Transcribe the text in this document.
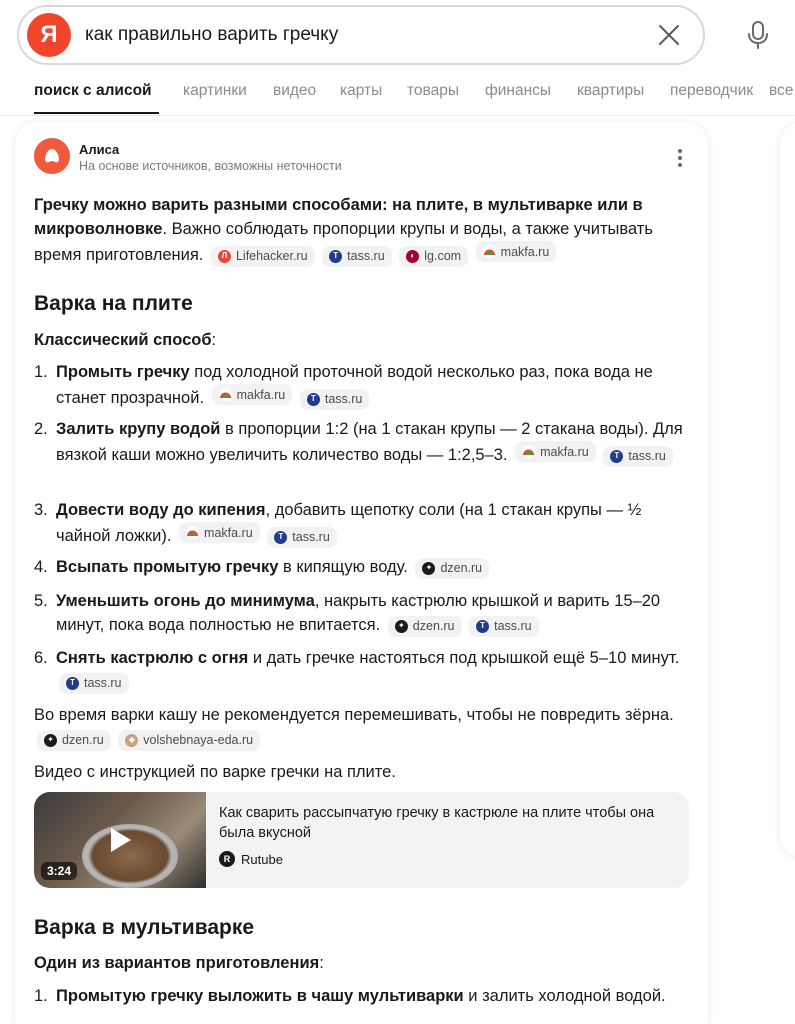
Я
как правильно варить гречку
поиск с алисой картинки видео карты товары финансы квартиры переводчик все
Алиса
На основе источников, возможны неточности
Гречку можно варить разными способами: на плите, в мультиварке или в микроволновке. Важно соблюдать пропорции крупы и воды, а также учитывать время приготовления.	Л Lifehacker.ru
	T tass.ru
	◐ lg.com
	makfa.ru
Варка на плите
Классический способ:
1. Промыть гречку под холодной проточной водой несколько раз, пока вода не станет прозрачной.	makfa.ru
	T tass.ru
2. Залить крупу водой в пропорции 1:2 (на 1 стакан крупы — 2 стакана воды). Для вязкой каши можно увеличить количество воды — 1:2,5–3.	makfa.ru
	T tass.ru
3. Довести воду до кипения, добавить щепотку соли (на 1 стакан крупы — ½ чайной ложки).	makfa.ru
	T tass.ru
4. Всыпать промытую гречку в кипящую воду.	✦ dzen.ru
5. Уменьшить огонь до минимума, накрыть кастрюлю крышкой и варить 15–20 минут, пока вода полностью не впитается.	✦ dzen.ru
	T tass.ru
6. Снять кастрюлю с огня и дать гречке настояться под крышкой ещё 5–10 минут.
T tass.ru
Во время варки кашу не рекомендуется перемешивать, чтобы не повредить зёрна.
✦ dzen.ru
	◆ volshebnaya-eda.ru
Видео с инструкцией по варке гречки на плите.
3:24
Как сварить рассыпчатую гречку в кастрюле на плите чтобы она была вкусной
R Rutube
Варка в мультиварке
Один из вариантов приготовления:
1. Промытую гречку выложить в чашу мультиварки и залить холодной водой.
